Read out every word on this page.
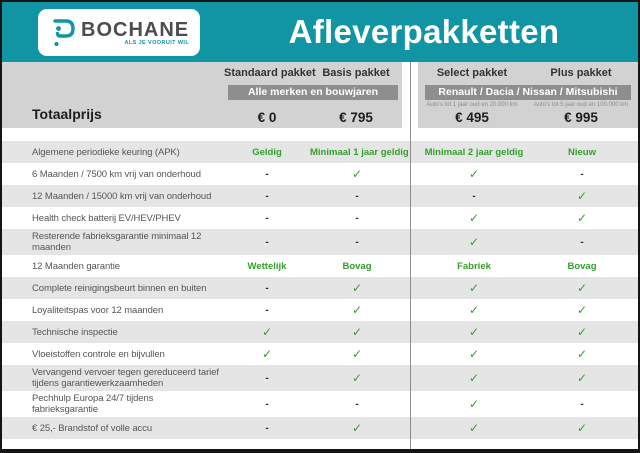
BOCHANE
ALS JE VOORUIT WIL	Afleverpakketten
Standaard pakket Basis pakket
Alle merken en bouwjaren
Totaalprijs	€ 0	€ 795
Select pakket	Plus pakket
Renault / Dacia / Nissan / Mitsubishi
Auto's tot 1 jaar oud en 20.000 km	Auto's tot 5 jaar oud en 100.000 km
€ 495	€ 995
Algemene periodieke keuring (APK)	Geldig	Minimaal 1 jaar geldig	Minimaal 2 jaar geldig	Nieuw
6 Maanden / 7500 km vrij van onderhoud	-	✓	✓	-
12 Maanden / 15000 km vrij van onderhoud	-	-	-	✓
Health check batterij EV/HEV/PHEV	-	-	✓	✓
Resterende fabrieksgarantie minimaal 12 maanden	-	-	✓	-
12 Maanden garantie	Wettelijk	Bovag	Fabriek	Bovag
Complete reinigingsbeurt binnen en buiten	-	✓	✓	✓
Loyaliteitspas voor 12 maanden	-	✓	✓	✓
Technische inspectie	✓	✓	✓	✓
Vloeistoffen controle en bijvullen	✓	✓	✓	✓
Vervangend vervoer tegen gereduceerd tarief tijdens garantiewerkzaamheden	-	✓	✓	✓
Pechhulp Europa 24/7 tijdens fabrieksgarantie	-	-	✓	-
€ 25,- Brandstof of volle accu	-	✓	✓	✓
